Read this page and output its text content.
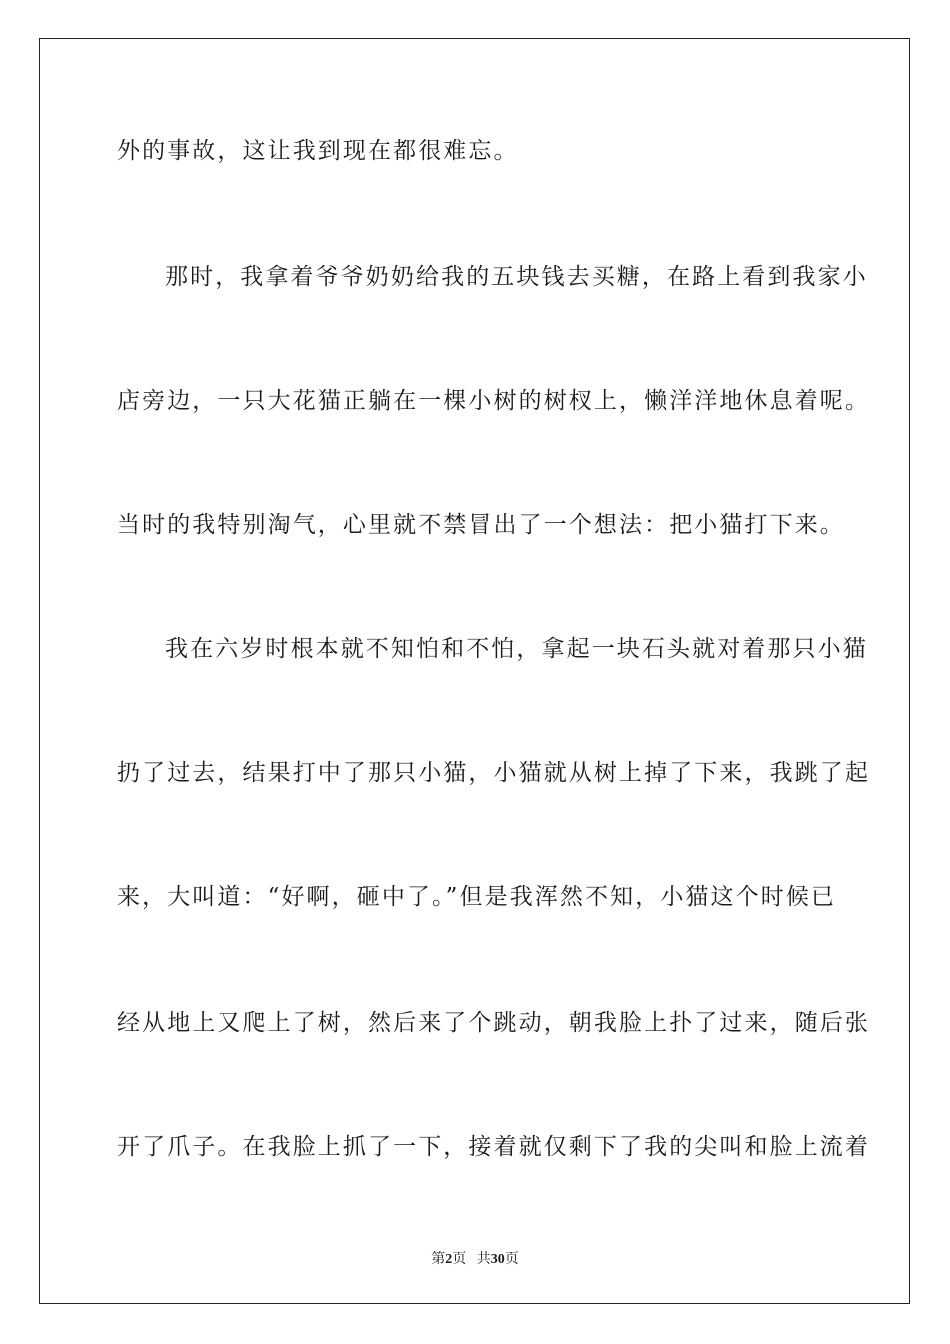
外的事故，这让我到现在都很难忘。
那时，我拿着爷爷奶奶给我的五块钱去买糖，在路上看到我家小
店旁边，一只大花猫正躺在一棵小树的树杈上，懒洋洋地休息着呢。
当时的我特别淘气，心里就不禁冒出了一个想法：把小猫打下来。
我在六岁时根本就不知怕和不怕，拿起一块石头就对着那只小猫
扔了过去，结果打中了那只小猫，小猫就从树上掉了下来，我跳了起
来，大叫道：“好啊，砸中了。”但是我浑然不知，小猫这个时候已
经从地上又爬上了树，然后来了个跳动，朝我脸上扑了过来，随后张
开了爪子。在我脸上抓了一下，接着就仅剩下了我的尖叫和脸上流着
第2页 共30页
